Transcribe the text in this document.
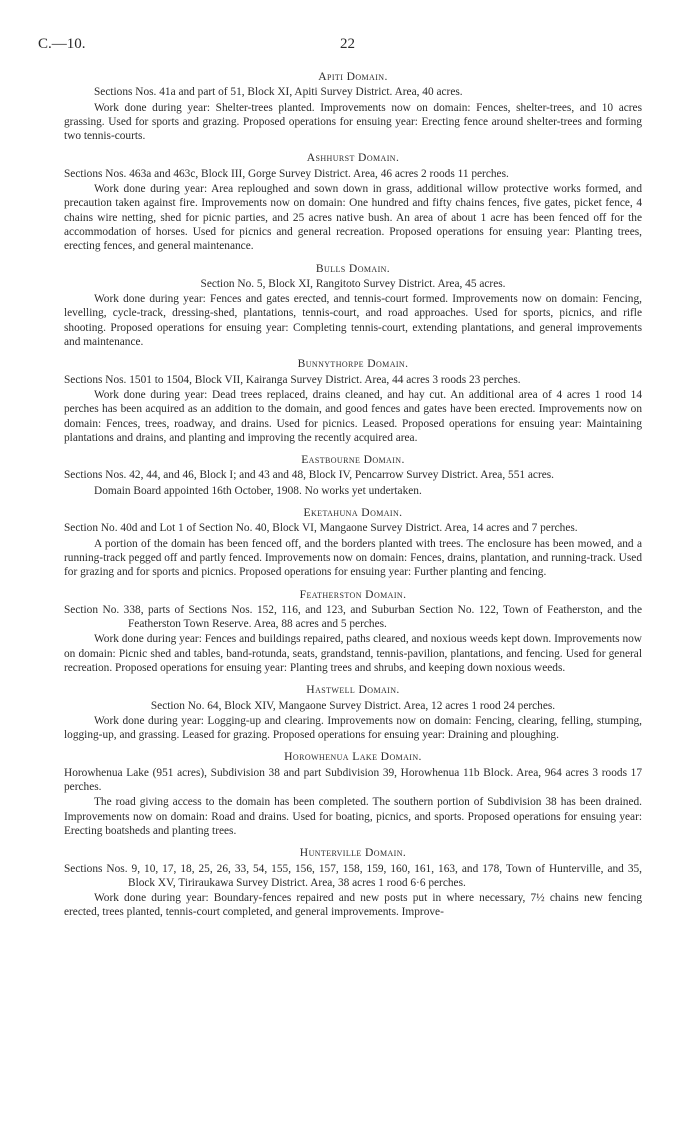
C.—10.	22
Apiti Domain.

Sections Nos. 41a and part of 51, Block XI, Apiti Survey District. Area, 40 acres.

Work done during year: Shelter-trees planted. Improvements now on domain: Fences, shelter-trees, and 10 acres grassing. Used for sports and grazing. Proposed operations for ensuing year: Erecting fence around shelter-trees and forming two tennis-courts.

Ashhurst Domain.

Sections Nos. 463a and 463c, Block III, Gorge Survey District. Area, 46 acres 2 roods 11 perches.

Work done during year: Area reploughed and sown down in grass, additional willow protective works formed, and precaution taken against fire. Improvements now on domain: One hundred and fifty chains fences, five gates, picket fence, 4 chains wire netting, shed for picnic parties, and 25 acres native bush. An area of about 1 acre has been fenced off for the accommodation of horses. Used for picnics and general recreation. Proposed operations for ensuing year: Planting trees, erecting fences, and general maintenance.

Bulls Domain.

Section No. 5, Block XI, Rangitoto Survey District. Area, 45 acres.

Work done during year: Fences and gates erected, and tennis-court formed. Improvements now on domain: Fencing, levelling, cycle-track, dressing-shed, plantations, tennis-court, and road approaches. Used for sports, picnics, and rifle shooting. Proposed operations for ensuing year: Completing tennis-court, extending plantations, and general improvements and maintenance.

Bunnythorpe Domain.

Sections Nos. 1501 to 1504, Block VII, Kairanga Survey District. Area, 44 acres 3 roods 23 perches.

Work done during year: Dead trees replaced, drains cleaned, and hay cut. An additional area of 4 acres 1 rood 14 perches has been acquired as an addition to the domain, and good fences and gates have been erected. Improvements now on domain: Fences, trees, roadway, and drains. Used for picnics. Leased. Proposed operations for ensuing year: Maintaining plantations and drains, and planting and improving the recently acquired area.

Eastbourne Domain.

Sections Nos. 42, 44, and 46, Block I; and 43 and 48, Block IV, Pencarrow Survey District. Area, 551 acres.

Domain Board appointed 16th October, 1908. No works yet undertaken.

Eketahuna Domain.

Section No. 40d and Lot 1 of Section No. 40, Block VI, Mangaone Survey District. Area, 14 acres and 7 perches.

A portion of the domain has been fenced off, and the borders planted with trees. The enclosure has been mowed, and a running-track pegged off and partly fenced. Improvements now on domain: Fences, drains, plantation, and running-track. Used for grazing and for sports and picnics. Proposed operations for ensuing year: Further planting and fencing.

Featherston Domain.

Section No. 338, parts of Sections Nos. 152, 116, and 123, and Suburban Section No. 122, Town of Featherston, and the Featherston Town Reserve. Area, 88 acres and 5 perches.

Work done during year: Fences and buildings repaired, paths cleared, and noxious weeds kept down. Improvements now on domain: Picnic shed and tables, band-rotunda, seats, grandstand, tennis-pavilion, plantations, and fencing. Used for general recreation. Proposed operations for ensuing year: Planting trees and shrubs, and keeping down noxious weeds.

Hastwell Domain.

Section No. 64, Block XIV, Mangaone Survey District. Area, 12 acres 1 rood 24 perches.

Work done during year: Logging-up and clearing. Improvements now on domain: Fencing, clearing, felling, stumping, logging-up, and grassing. Leased for grazing. Proposed operations for ensuing year: Draining and ploughing.

Horowhenua Lake Domain.

Horowhenua Lake (951 acres), Subdivision 38 and part Subdivision 39, Horowhenua 11b Block. Area, 964 acres 3 roods 17 perches.

The road giving access to the domain has been completed. The southern portion of Subdivision 38 has been drained. Improvements now on domain: Road and drains. Used for boating, picnics, and sports. Proposed operations for ensuing year: Erecting boatsheds and planting trees.

Hunterville Domain.

Sections Nos. 9, 10, 17, 18, 25, 26, 33, 54, 155, 156, 157, 158, 159, 160, 161, 163, and 178, Town of Hunterville, and 35, Block XV, Tiriraukawa Survey District. Area, 38 acres 1 rood 6·6 perches.

Work done during year: Boundary-fences repaired and new posts put in where necessary, 7½ chains new fencing erected, trees planted, tennis-court completed, and general improvements. Improve-
